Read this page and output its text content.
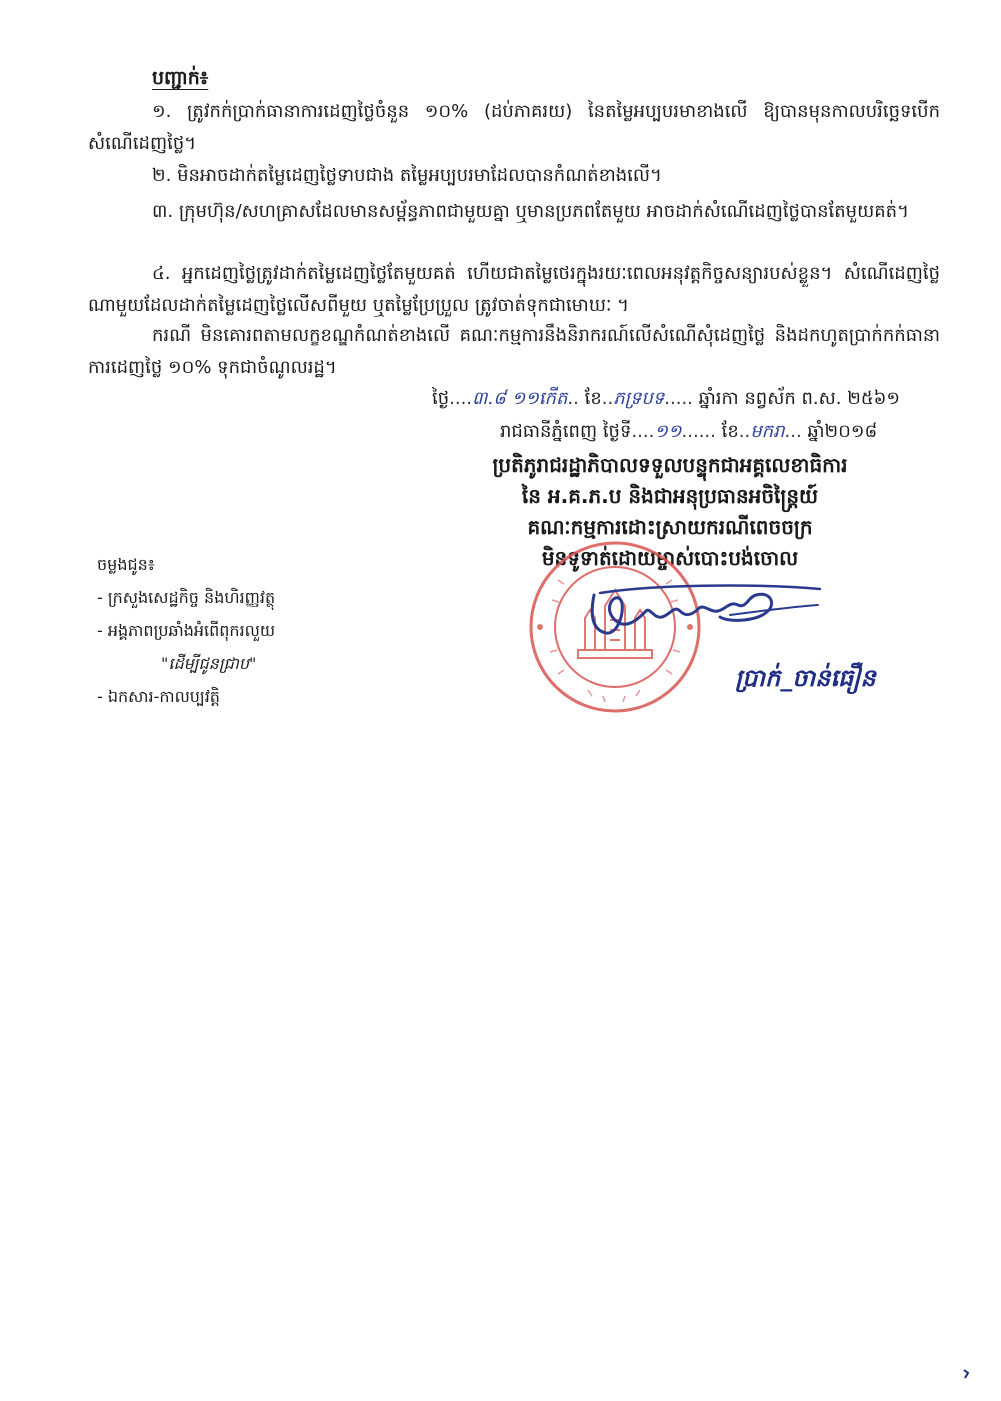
បញ្ជាក់៖
១. ត្រូវកក់ប្រាក់ធានាការដេញថ្លៃចំនួន ១០% (ដប់ភាគរយ) នៃតម្លៃអប្បបរមាខាងលើ ឱ្យបានមុនកាលបរិច្ឆេទបើកសំណើដេញថ្លៃ។
២. មិនអាចដាក់តម្លៃដេញថ្លៃទាបជាង តម្លៃអប្បបរមាដែលបានកំណត់ខាងលើ។
៣. ក្រុមហ៊ុន/សហគ្រាសដែលមានសម្ព័ន្ធភាពជាមួយគ្នា ឬមានប្រភពតែមួយ អាចដាក់សំណើដេញថ្លៃបានតែមួយគត់។
៤. អ្នកដេញថ្លៃត្រូវដាក់តម្លៃដេញថ្លៃតែមួយគត់ ហើយជាតម្លៃថេរក្នុងរយៈពេលអនុវត្តកិច្ចសន្យារបស់ខ្លួន។ សំណើដេញថ្លៃណាមួយដែលដាក់តម្លៃដេញថ្លៃលើសពីមួយ ឬតម្លៃប្រែប្រួល ត្រូវចាត់ទុកជាមោឃៈ ។
ករណី មិនគោរពតាមលក្ខខណ្ឌកំណត់ខាងលើ គណៈកម្មការនឹងនិរាករណ៍លើសំណើសុំដេញថ្លៃ និងដកហូតប្រាក់កក់ធានាការដេញថ្លៃ ១០% ទុកជាចំណូលរដ្ឋ។
ថ្ងៃ....៣.៨ ១១កើត.. ខែ..ភទ្របទ..... ឆ្នាំរកា នព្វស័ក ព.ស. ២៥៦១
រាជធានីភ្នំពេញ ថ្ងៃទី....១១...... ខែ..មករា... ឆ្នាំ២០១៨
ប្រតិភូរាជរដ្ឋាភិបាលទទួលបន្ទុកជាអគ្គលេខាធិការ
នៃ អ.គ.ភ.ប និងជាអនុប្រធានអចិន្ត្រៃយ៍
គណៈកម្មការដោះស្រាយករណីពេចចក្រ
មិនទូទាត់ដោយម្ចាស់បោះបង់ចោល
ប្រាក់_ចាន់ធឿន
ចម្លងជូន៖
- ក្រសួងសេដ្ឋកិច្ច និងហិរញ្ញវត្ថុ
- អង្គភាពប្រឆាំងអំពើពុករលួយ
"ដើម្បីជូនជ្រាប"
- ឯកសារ-កាលប្បវត្តិ
